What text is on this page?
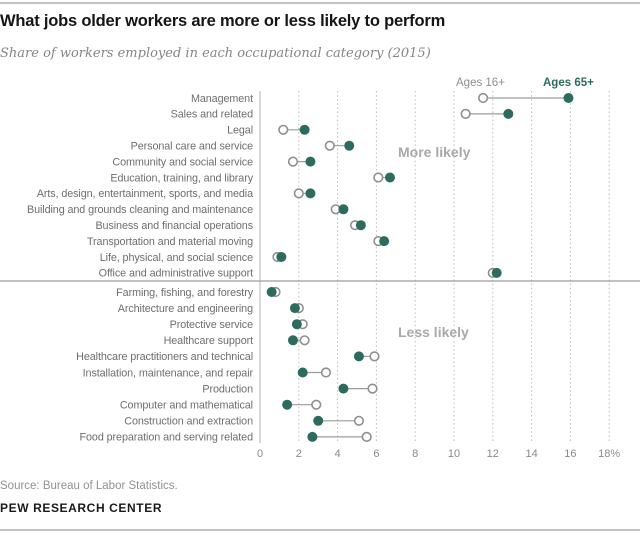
What jobs older workers are more or less likely to perform
Share of workers employed in each occupational category (2015)
Ages 16+	Ages 65+
0	2	4	6	8	10 12 14 16 18%
Management
Sales and related
Legal
Personal care and service
Community and social service
Education, training, and library
Arts, design, entertainment, sports, and media
Building and grounds cleaning and maintenance
Business and financial operations
Transportation and material moving
Life, physical, and social science
Office and administrative support
Farming, fishing, and forestry
Architecture and engineering
Protective service
Healthcare support
Healthcare practitioners and technical
Installation, maintenance, and repair
Production
Computer and mathematical
Construction and extraction
Food preparation and serving related
More likely
Less likely
Source: Bureau of Labor Statistics.
PEW RESEARCH CENTER
